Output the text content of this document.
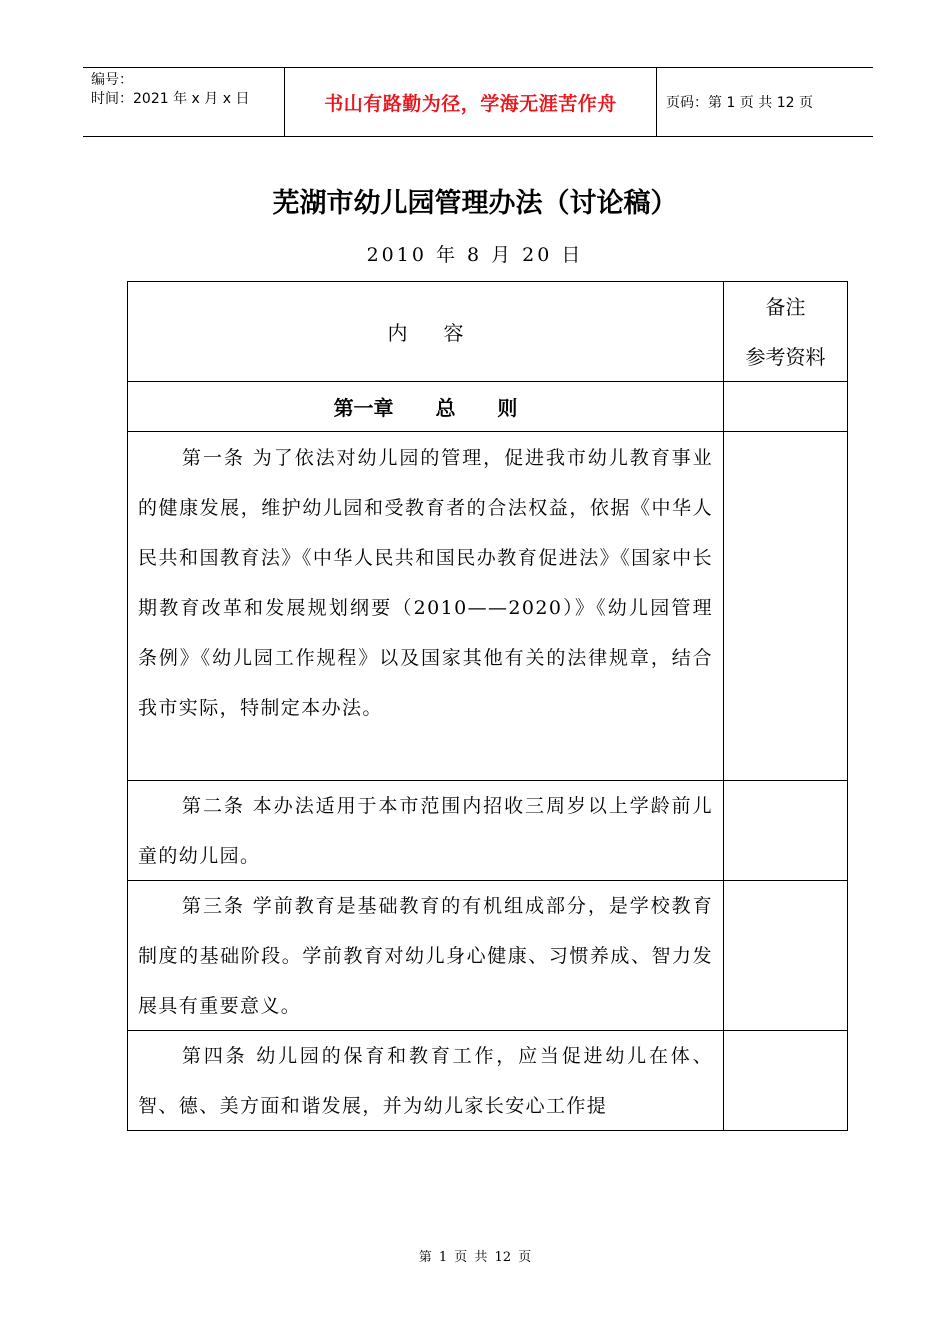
编号：
时间：2021 年 x 月 x 日	书山有路勤为径，学海无涯苦作舟	页码：第 1 页 共 12 页
芜湖市幼儿园管理办法（讨论稿）
2010 年 8 月 20 日
内容
备注
参考资料
第一章  总  则
第一条 为了依法对幼儿园的管理，促进我市幼儿教育事业的健康发展，维护幼儿园和受教育者的合法权益，依据《中华人民共和国教育法》《中华人民共和国民办教育促进法》《国家中长期教育改革和发展规划纲要（2010——2020）》《幼儿园管理条例》《幼儿园工作规程》以及国家其他有关的法律规章，结合我市实际，特制定本办法。
第二条 本办法适用于本市范围内招收三周岁以上学龄前儿童的幼儿园。
第三条 学前教育是基础教育的有机组成部分，是学校教育制度的基础阶段。学前教育对幼儿身心健康、习惯养成、智力发展具有重要意义。
第四条 幼儿园的保育和教育工作，应当促进幼儿在体、智、德、美方面和谐发展，并为幼儿家长安心工作提
第 1 页 共 12 页
